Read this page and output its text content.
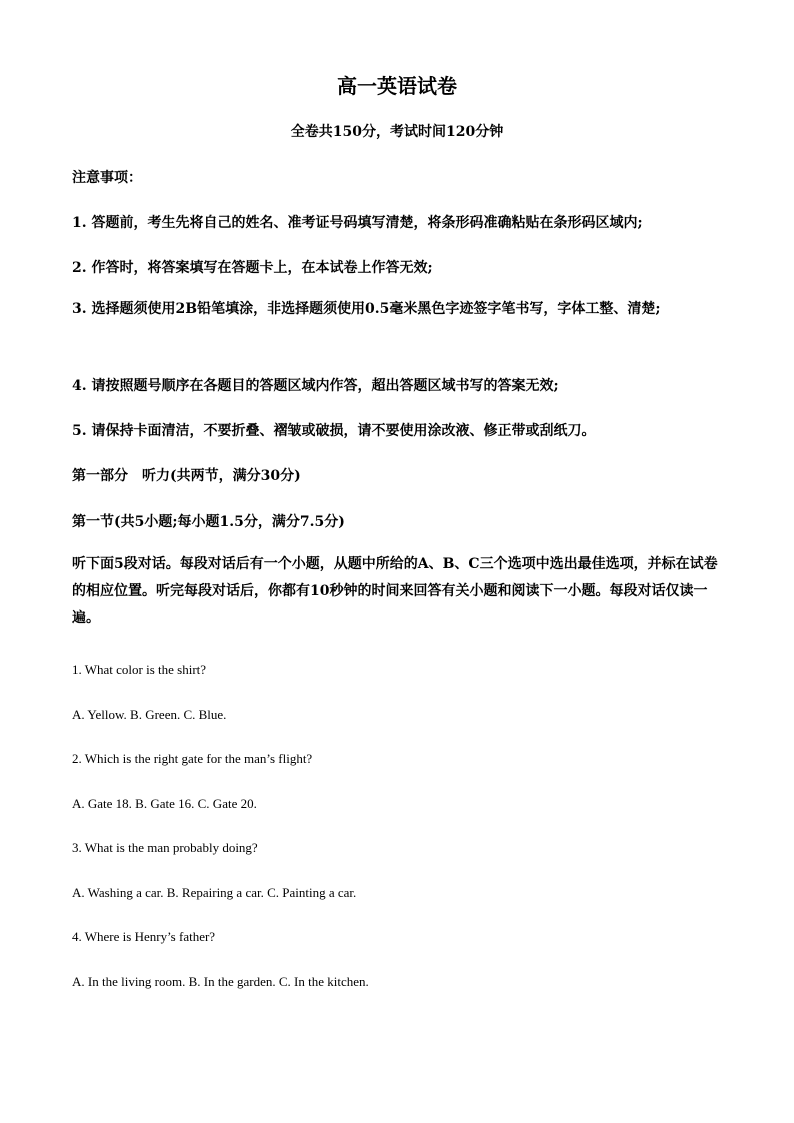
高一英语试卷
全卷共150分，考试时间120分钟
注意事项：
1. 答题前，考生先将自己的姓名、准考证号码填写清楚，将条形码准确粘贴在条形码区域内;
2. 作答时，将答案填写在答题卡上，在本试卷上作答无效;
3. 选择题须使用2B铅笔填涂，非选择题须使用0.5毫米黑色字迹签字笔书写，字体工整、清楚;
4. 请按照题号顺序在各题目的答题区域内作答，超出答题区域书写的答案无效;
5. 请保持卡面清洁，不要折叠、褶皱或破损，请不要使用涂改液、修正带或刮纸刀。
第一部分　听力(共两节，满分30分)
第一节(共5小题;每小题1.5分，满分7.5分)
听下面5段对话。每段对话后有一个小题，从题中所给的A、B、C三个选项中选出最佳选项，并标在试卷的相应位置。听完每段对话后，你都有10秒钟的时间来回答有关小题和阅读下一小题。每段对话仅读一遍。
1. What color is the shirt?
A. Yellow. B. Green. C. Blue.
2. Which is the right gate for the man’s flight?
A. Gate 18. B. Gate 16. C. Gate 20.
3. What is the man probably doing?
A. Washing a car. B. Repairing a car. C. Painting a car.
4. Where is Henry’s father?
A. In the living room. B. In the garden. C. In the kitchen.
